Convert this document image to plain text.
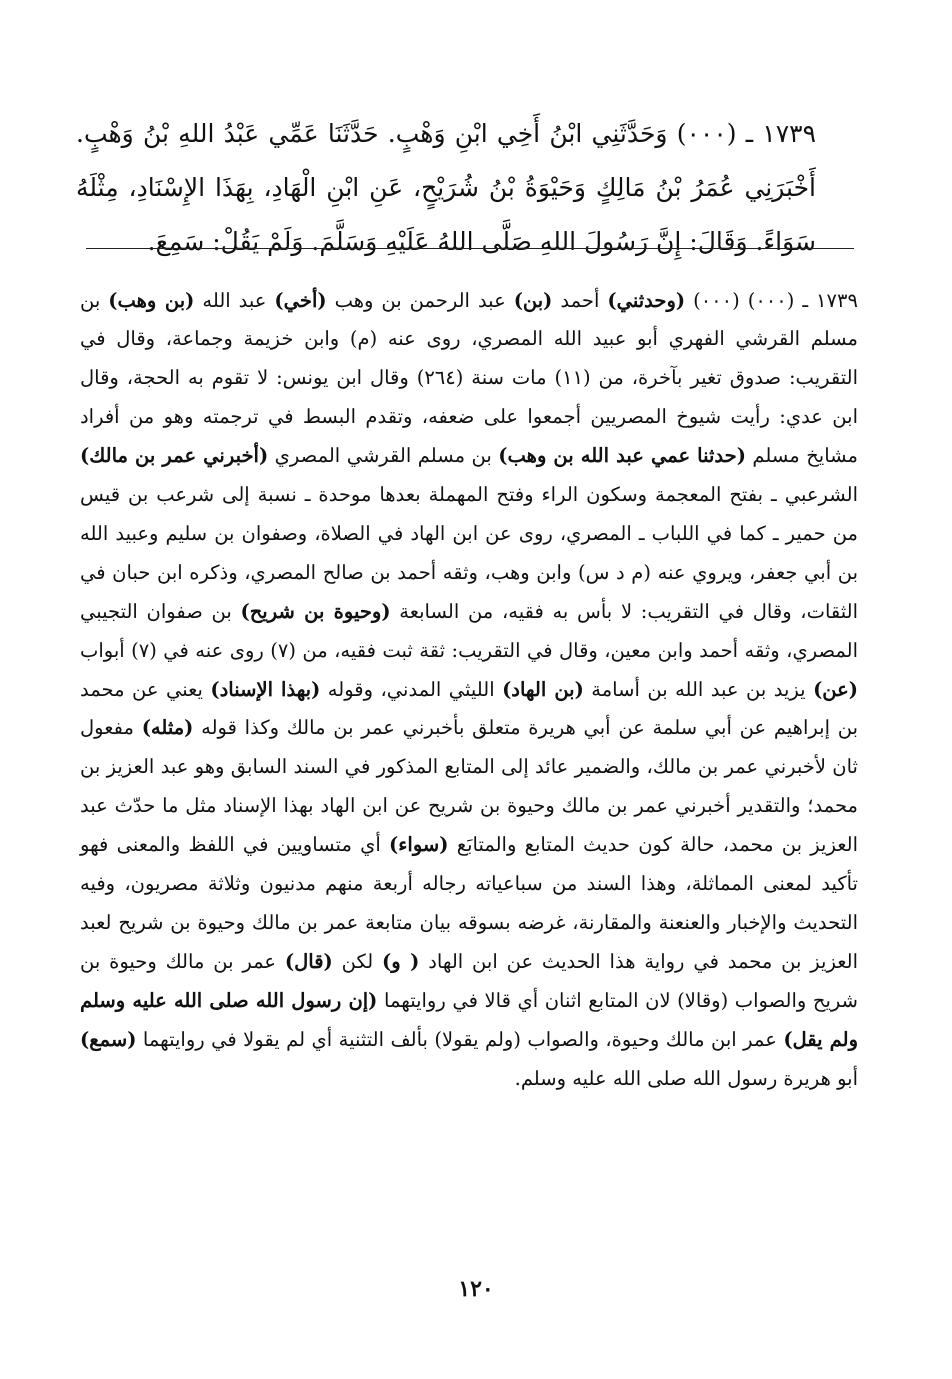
١٧٣٩ ـ (٠٠٠) وَحَدَّثَنِي ابْنُ أَخِي ابْنِ وَهْبٍ. حَدَّثَنَا عَمِّي عَبْدُ اللهِ بْنُ وَهْبٍ. أَخْبَرَنِي عُمَرُ بْنُ مَالِكٍ وَحَيْوَةُ بْنُ شُرَيْحٍ، عَنِ ابْنِ الْهَادِ، بِهَذَا الإِسْنَادِ، مِثْلَهُ سَوَاءً. وَقَالَ: إِنَّ رَسُولَ اللهِ صَلَّى اللهُ عَلَيْهِ وَسَلَّمَ. وَلَمْ يَقُلْ: سَمِعَ.

١٧٣٩ ـ (٠٠٠) (٠٠٠) (وحدثني) أحمد (بن) عبد الرحمن بن وهب (أخي) عبد الله (بن وهب) بن مسلم القرشي الفهري أبو عبيد الله المصري، روى عنه (م) وابن خزيمة وجماعة، وقال في التقريب: صدوق تغير بآخرة، من (١١) مات سنة (٢٦٤) وقال ابن يونس: لا تقوم به الحجة، وقال ابن عدي: رأيت شيوخ المصريين أجمعوا على ضعفه، وتقدم البسط في ترجمته وهو من أفراد مشايخ مسلم (حدثنا عمي عبد الله بن وهب) بن مسلم القرشي المصري (أخبرني عمر بن مالك) الشرعبي ـ بفتح المعجمة وسكون الراء وفتح المهملة بعدها موحدة ـ نسبة إلى شرعب بن قيس من حمير ـ كما في اللباب ـ المصري، روى عن ابن الهاد في الصلاة، وصفوان بن سليم وعبيد الله بن أبي جعفر، ويروي عنه (م د س) وابن وهب، وثقه أحمد بن صالح المصري، وذكره ابن حبان في الثقات، وقال في التقريب: لا بأس به فقيه، من السابعة (وحيوة بن شريح) بن صفوان التجيبي المصري، وثقه أحمد وابن معين، وقال في التقريب: ثقة ثبت فقيه، من (٧) روى عنه في (٧) أبواب (عن) يزيد بن عبد الله بن أسامة (بن الهاد) الليثي المدني، وقوله (بهذا الإسناد) يعني عن محمد بن إبراهيم عن أبي سلمة عن أبي هريرة متعلق بأخبرني عمر بن مالك وكذا قوله (مثله) مفعول ثان لأخبرني عمر بن مالك، والضمير عائد إلى المتابع المذكور في السند السابق وهو عبد العزيز بن محمد؛ والتقدير أخبرني عمر بن مالك وحيوة بن شريح عن ابن الهاد بهذا الإسناد مثل ما حدّث عبد العزيز بن محمد، حالة كون حديث المتابع والمتابَع (سواء) أي متساويين في اللفظ والمعنى فهو تأكيد لمعنى المماثلة، وهذا السند من سباعياته رجاله أربعة منهم مدنيون وثلاثة مصريون، وفيه التحديث والإخبار والعنعنة والمقارنة، غرضه بسوقه بيان متابعة عمر بن مالك وحيوة بن شريح لعبد العزيز بن محمد في رواية هذا الحديث عن ابن الهاد ( و) لكن (قال) عمر بن مالك وحيوة بن شريح والصواب (وقالا) لان المتابع اثنان أي قالا في روايتهما (إن رسول الله صلى الله عليه وسلم ولم يقل) عمر ابن مالك وحيوة، والصواب (ولم يقولا) بألف التثنية أي لم يقولا في روايتهما (سمع) أبو هريرة رسول الله صلى الله عليه وسلم.

١٢٠
